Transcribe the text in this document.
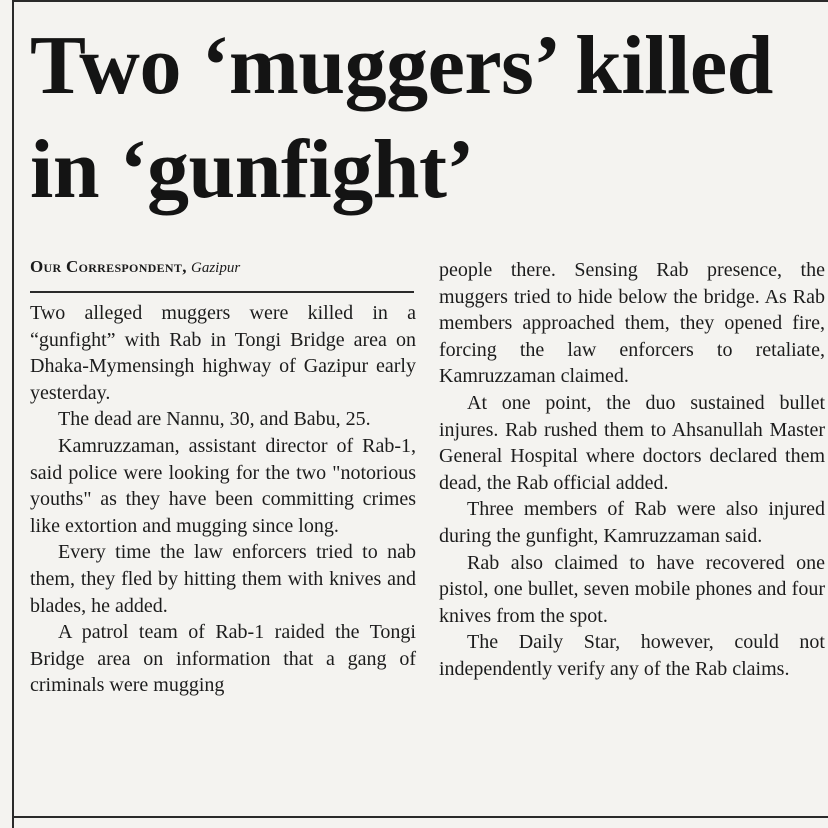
Two ‘muggers’ killed
in ‘gunfight’
Our Correspondent, Gazipur

Two alleged muggers were killed in a “gunfight” with Rab in Tongi Bridge area on Dhaka-Mymensingh highway of Gazipur early yesterday.

The dead are Nannu, 30, and Babu, 25.

Kamruzzaman, assistant director of Rab-1, said police were looking for the two "notorious youths" as they have been committing crimes like extortion and mugging since long.

Every time the law enforcers tried to nab them, they fled by hitting them with knives and blades, he added.

A patrol team of Rab-1 raided the Tongi Bridge area on information that a gang of criminals were mugging

people there. Sensing Rab presence, the muggers tried to hide below the bridge. As Rab members approached them, they opened fire, forcing the law enforcers to retaliate, Kamruzzaman claimed.

At one point, the duo sustained bullet injures. Rab rushed them to Ahsanullah Master General Hospital where doctors declared them dead, the Rab official added.

Three members of Rab were also injured during the gunfight, Kamruzzaman said.

Rab also claimed to have recovered one pistol, one bullet, seven mobile phones and four knives from the spot.

The Daily Star, however, could not independently verify any of the Rab claims.
